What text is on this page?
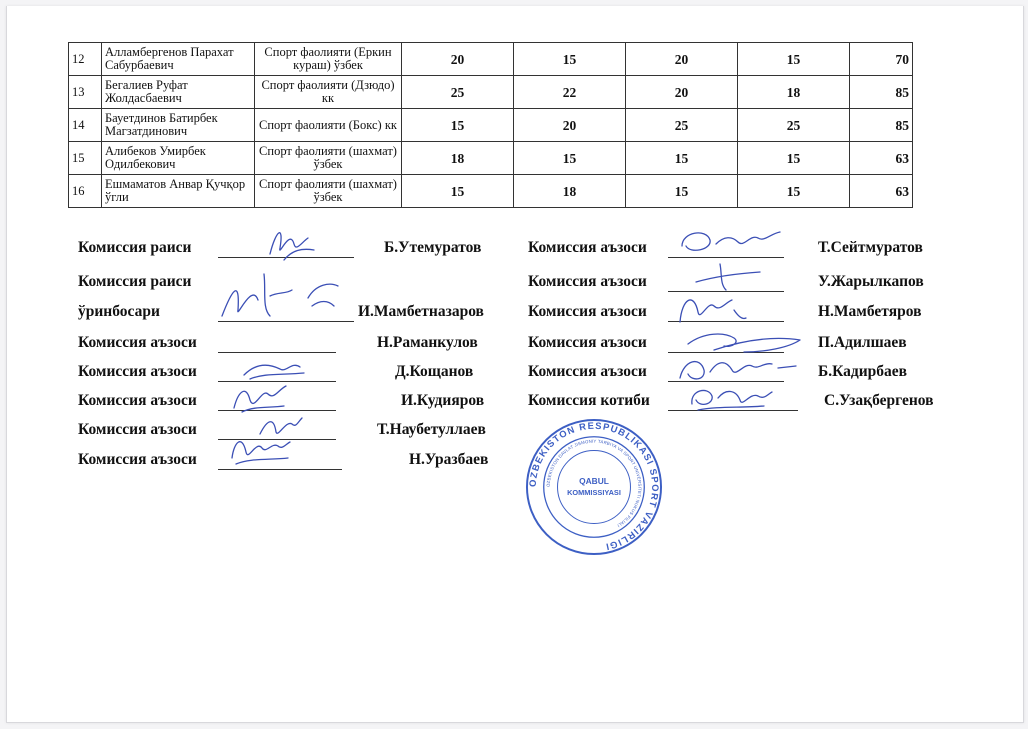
12	Алламбергенов Парахат Сабурбаевич	Спорт фаолияти (Еркин кураш) ўзбек	20	15	20	15	70
13	Бегалиев Руфат Жолдасбаевич	Спорт фаолияти (Дзюдо) кк	25	22	20	18	85
14	Бауетдинов Батирбек Магзатдинович	Спорт фаолияти (Бокс) кк	15	20	25	25	85
15	Алибеков Умирбек Одилбекович	Спорт фаолияти (шахмат) ўзбек	18	15	15	15	63
16	Ешмаматов Анвар Қучқор ўгли	Спорт фаолияти (шахмат) ўзбек	15	18	15	15	63
Комиссия раиси	Б.Утемуратов
Комиссия раиси
ўринбосари	И.Мамбетназаров
Комиссия аъзоси	Н.Раманкулов
Комиссия аъзоси	Д.Кощанов
Комиссия аъзоси	И.Кудияров
Комиссия аъзоси	Т.Наубетуллаев
Комиссия аъзоси	Н.Уразбаев
Комиссия аъзоси	Т.Сейтмуратов
Комиссия аъзоси	У.Жарылкапов
Комиссия аъзоси	Н.Мамбетяров
Комиссия аъзоси	П.Адилшаев
Комиссия аъзоси	Б.Кадирбаев
Комиссия котиби	С.Узақбергенов
OZBEKISTON RESPUBLIKASI SPORT VAZIRLIGI
OZBEKISTON DAVLAT JISMONIY TARBIYA VA SPORT UNIVERSITETI NUKUS FILIALI
QABUL
KOMMISSIYASI
